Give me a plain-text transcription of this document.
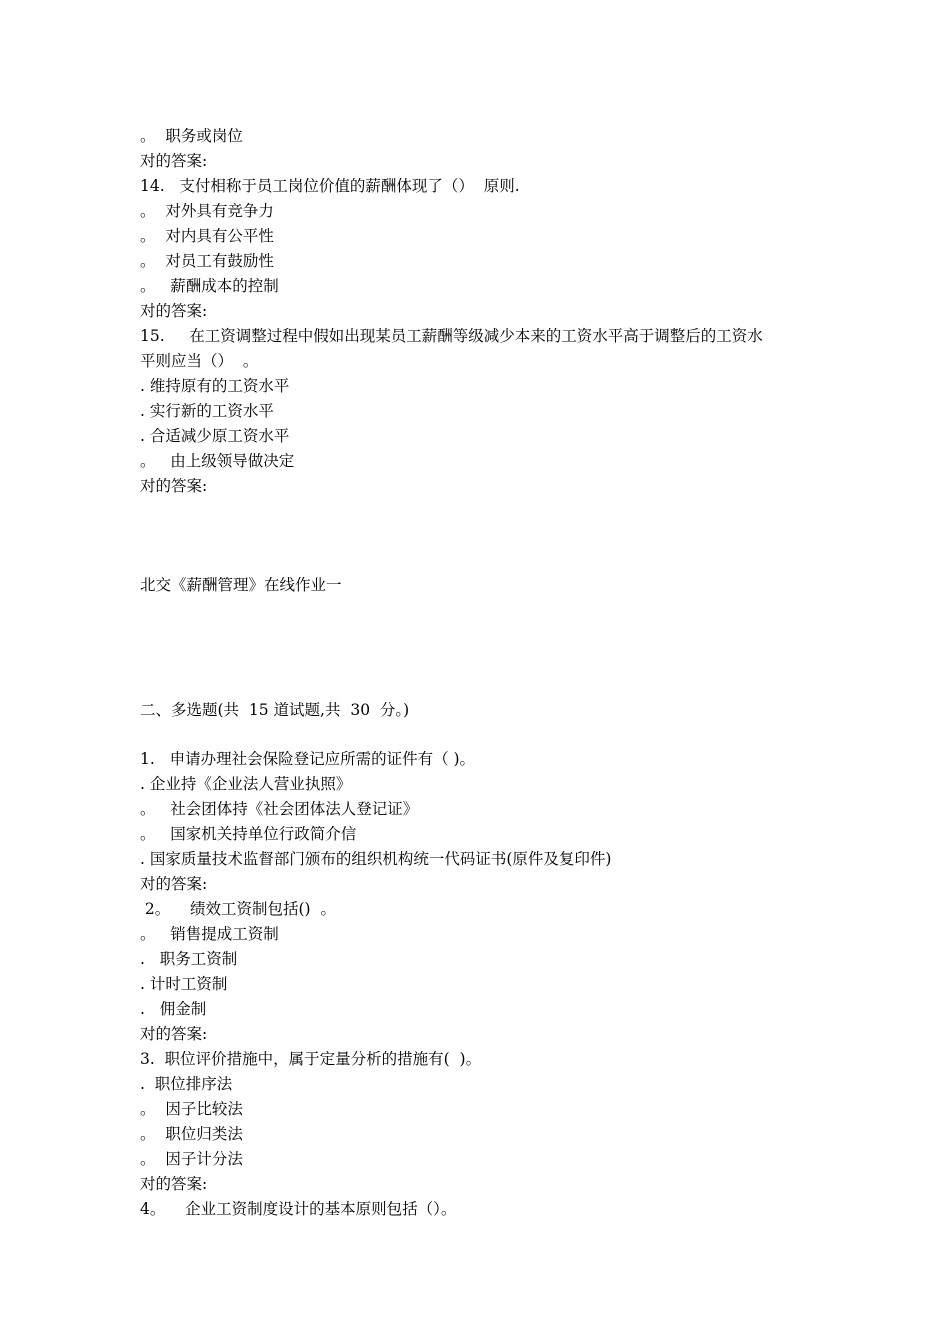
。  职务或岗位
对的答案:
14.   支付相称于员工岗位价值的薪酬体现了（）  原则.
。  对外具有竞争力
。  对内具有公平性
。  对员工有鼓励性
。   薪酬成本的控制
对的答案:
15.     在工资调整过程中假如出现某员工薪酬等级减少本来的工资水平高于调整后的工资水
平则应当（）  。
. 维持原有的工资水平
. 实行新的工资水平
. 合适减少原工资水平
。   由上级领导做决定
对的答案:
北交《薪酬管理》在线作业一
二、多选题(共  15 道试题,共  30  分。)
1.   申请办理社会保险登记应所需的证件有（ )。
. 企业持《企业法人营业执照》
。   社会团体持《社会团体法人登记证》
。   国家机关持单位行政简介信
. 国家质量技术监督部门颁布的组织机构统一代码证书(原件及复印件)
对的答案:
2。    绩效工资制包括()  。
。   销售提成工资制
.   职务工资制
. 计时工资制
.   佣金制
对的答案:
3.  职位评价措施中，属于定量分析的措施有(  )。
.  职位排序法
。  因子比较法
。  职位归类法
。  因子计分法
对的答案:
4。    企业工资制度设计的基本原则包括（）。
